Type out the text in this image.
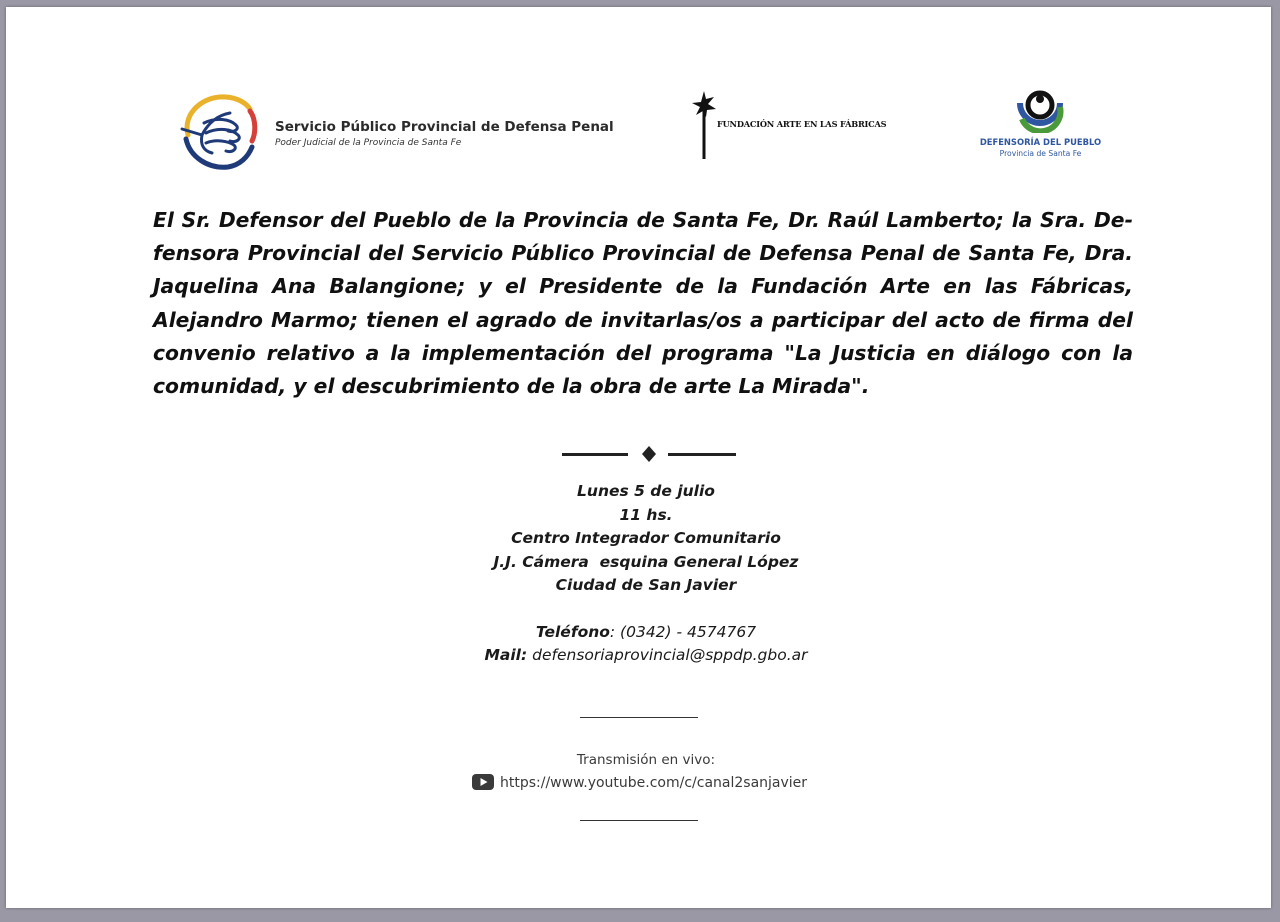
Servicio Público Provincial de Defensa Penal
Poder Judicial de la Provincia de Santa Fe
FUNDACIÓN ARTE EN LAS FÁBRICAS
DEFENSORÍA DEL PUEBLO
Provincia de Santa Fe

El Sr. Defensor del Pueblo de la Provincia de Santa Fe, Dr. Raúl Lamberto; la Sra. Defensora Provincial del Servicio Público Provincial de Defensa Penal de Santa Fe, Dra. Jaquelina Ana Balangione; y el Presidente de la Fundación Arte en las Fábricas, Alejandro Marmo; tienen el agrado de invitarlas/os a participar del acto de firma del convenio relativo a la implementación del programa "La Justicia en diálogo con la comunidad, y el descubrimiento de la obra de arte La Mirada".

Lunes 5 de julio
11 hs.
Centro Integrador Comunitario
J.J. Cámera  esquina General López
Ciudad de San Javier
Teléfono: (0342) - 4574767
Mail: defensoriaprovincial@sppdp.gbo.ar
Transmisión en vivo:
https://www.youtube.com/c/canal2sanjavier
